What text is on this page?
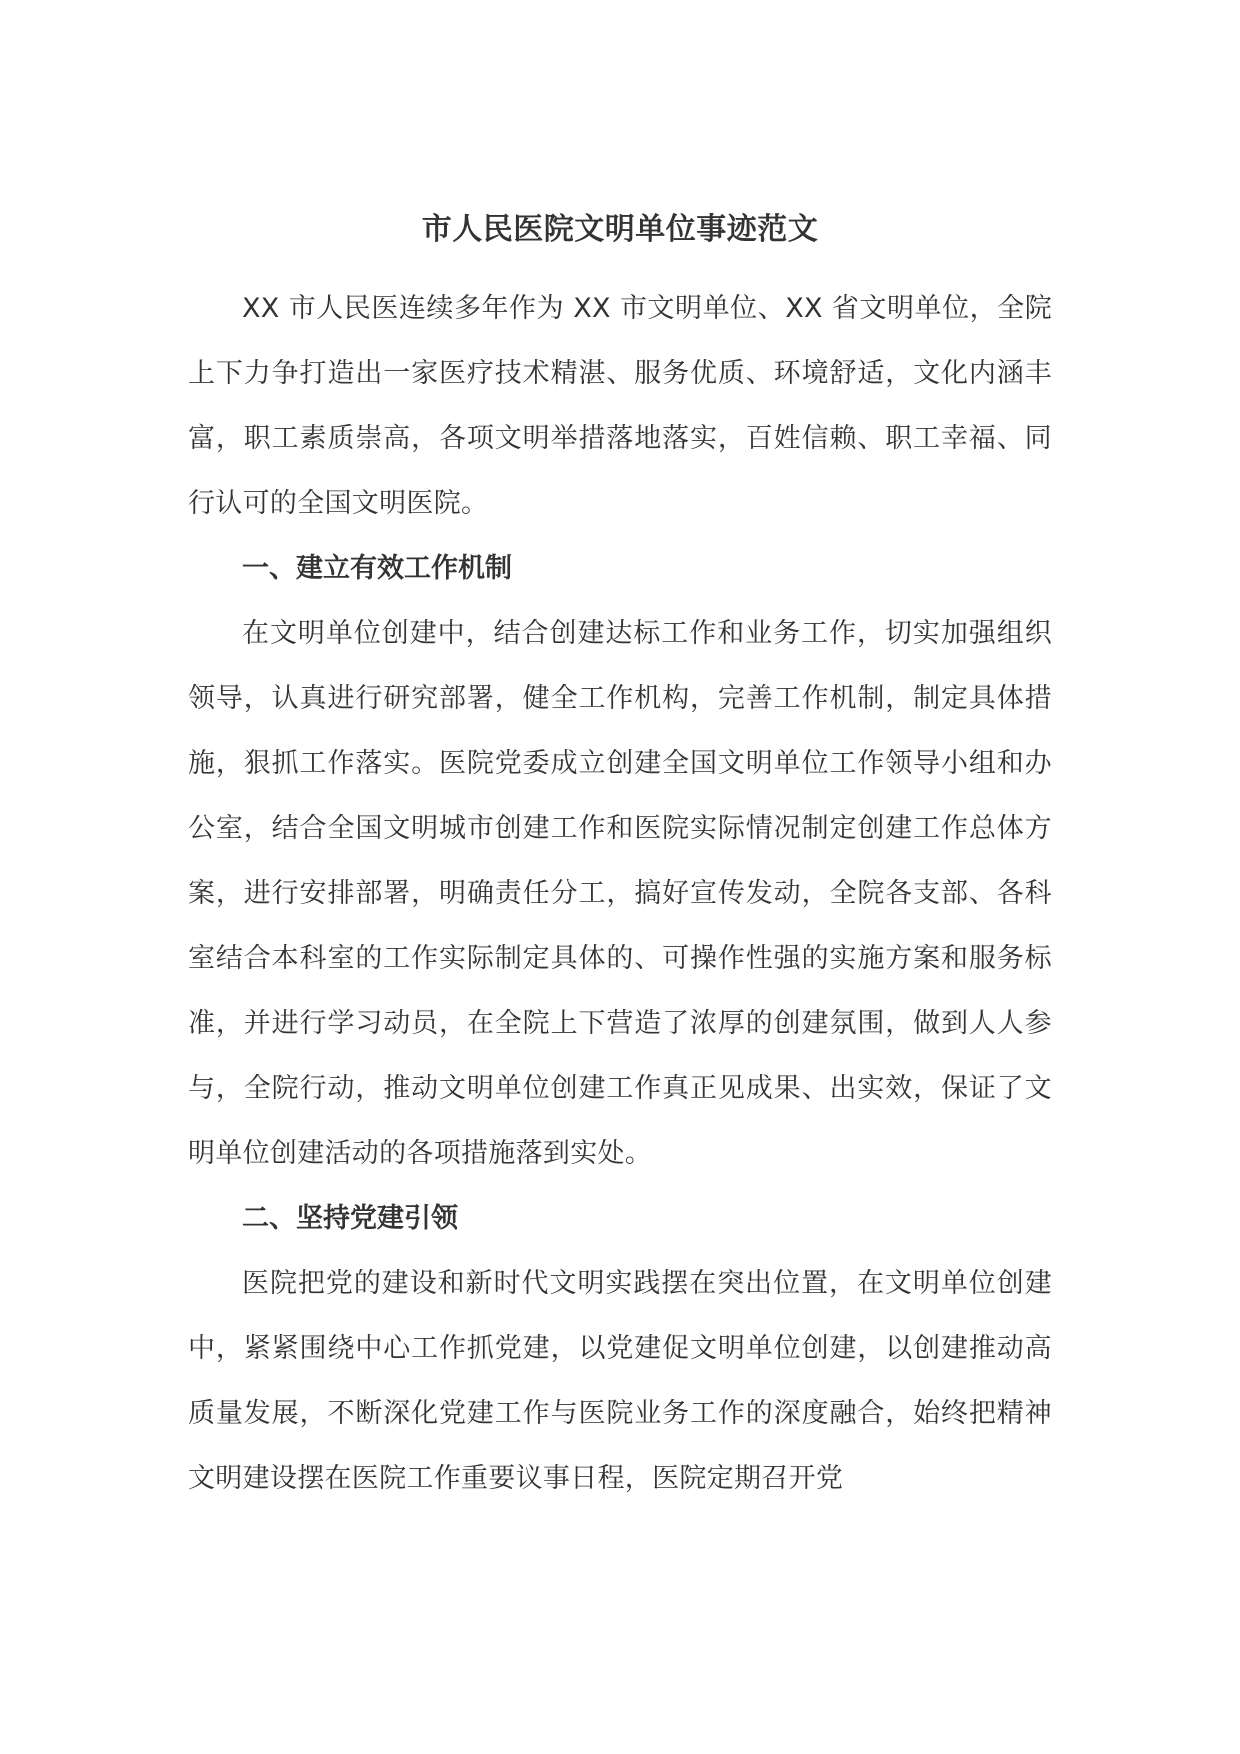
市人民医院文明单位事迹范文

XX 市人民医连续多年作为 XX 市文明单位、XX 省文明单位，全院上下力争打造出一家医疗技术精湛、服务优质、环境舒适，文化内涵丰富，职工素质崇高，各项文明举措落地落实，百姓信赖、职工幸福、同行认可的全国文明医院。

一、建立有效工作机制

在文明单位创建中，结合创建达标工作和业务工作，切实加强组织领导，认真进行研究部署，健全工作机构，完善工作机制，制定具体措施，狠抓工作落实。医院党委成立创建全国文明单位工作领导小组和办公室，结合全国文明城市创建工作和医院实际情况制定创建工作总体方案，进行安排部署，明确责任分工，搞好宣传发动，全院各支部、各科室结合本科室的工作实际制定具体的、可操作性强的实施方案和服务标准，并进行学习动员，在全院上下营造了浓厚的创建氛围，做到人人参与，全院行动，推动文明单位创建工作真正见成果、出实效，保证了文明单位创建活动的各项措施落到实处。

二、坚持党建引领

医院把党的建设和新时代文明实践摆在突出位置，在文明单位创建中，紧紧围绕中心工作抓党建，以党建促文明单位创建，以创建推动高质量发展，不断深化党建工作与医院业务工作的深度融合，始终把精神文明建设摆在医院工作重要议事日程，医院定期召开党
